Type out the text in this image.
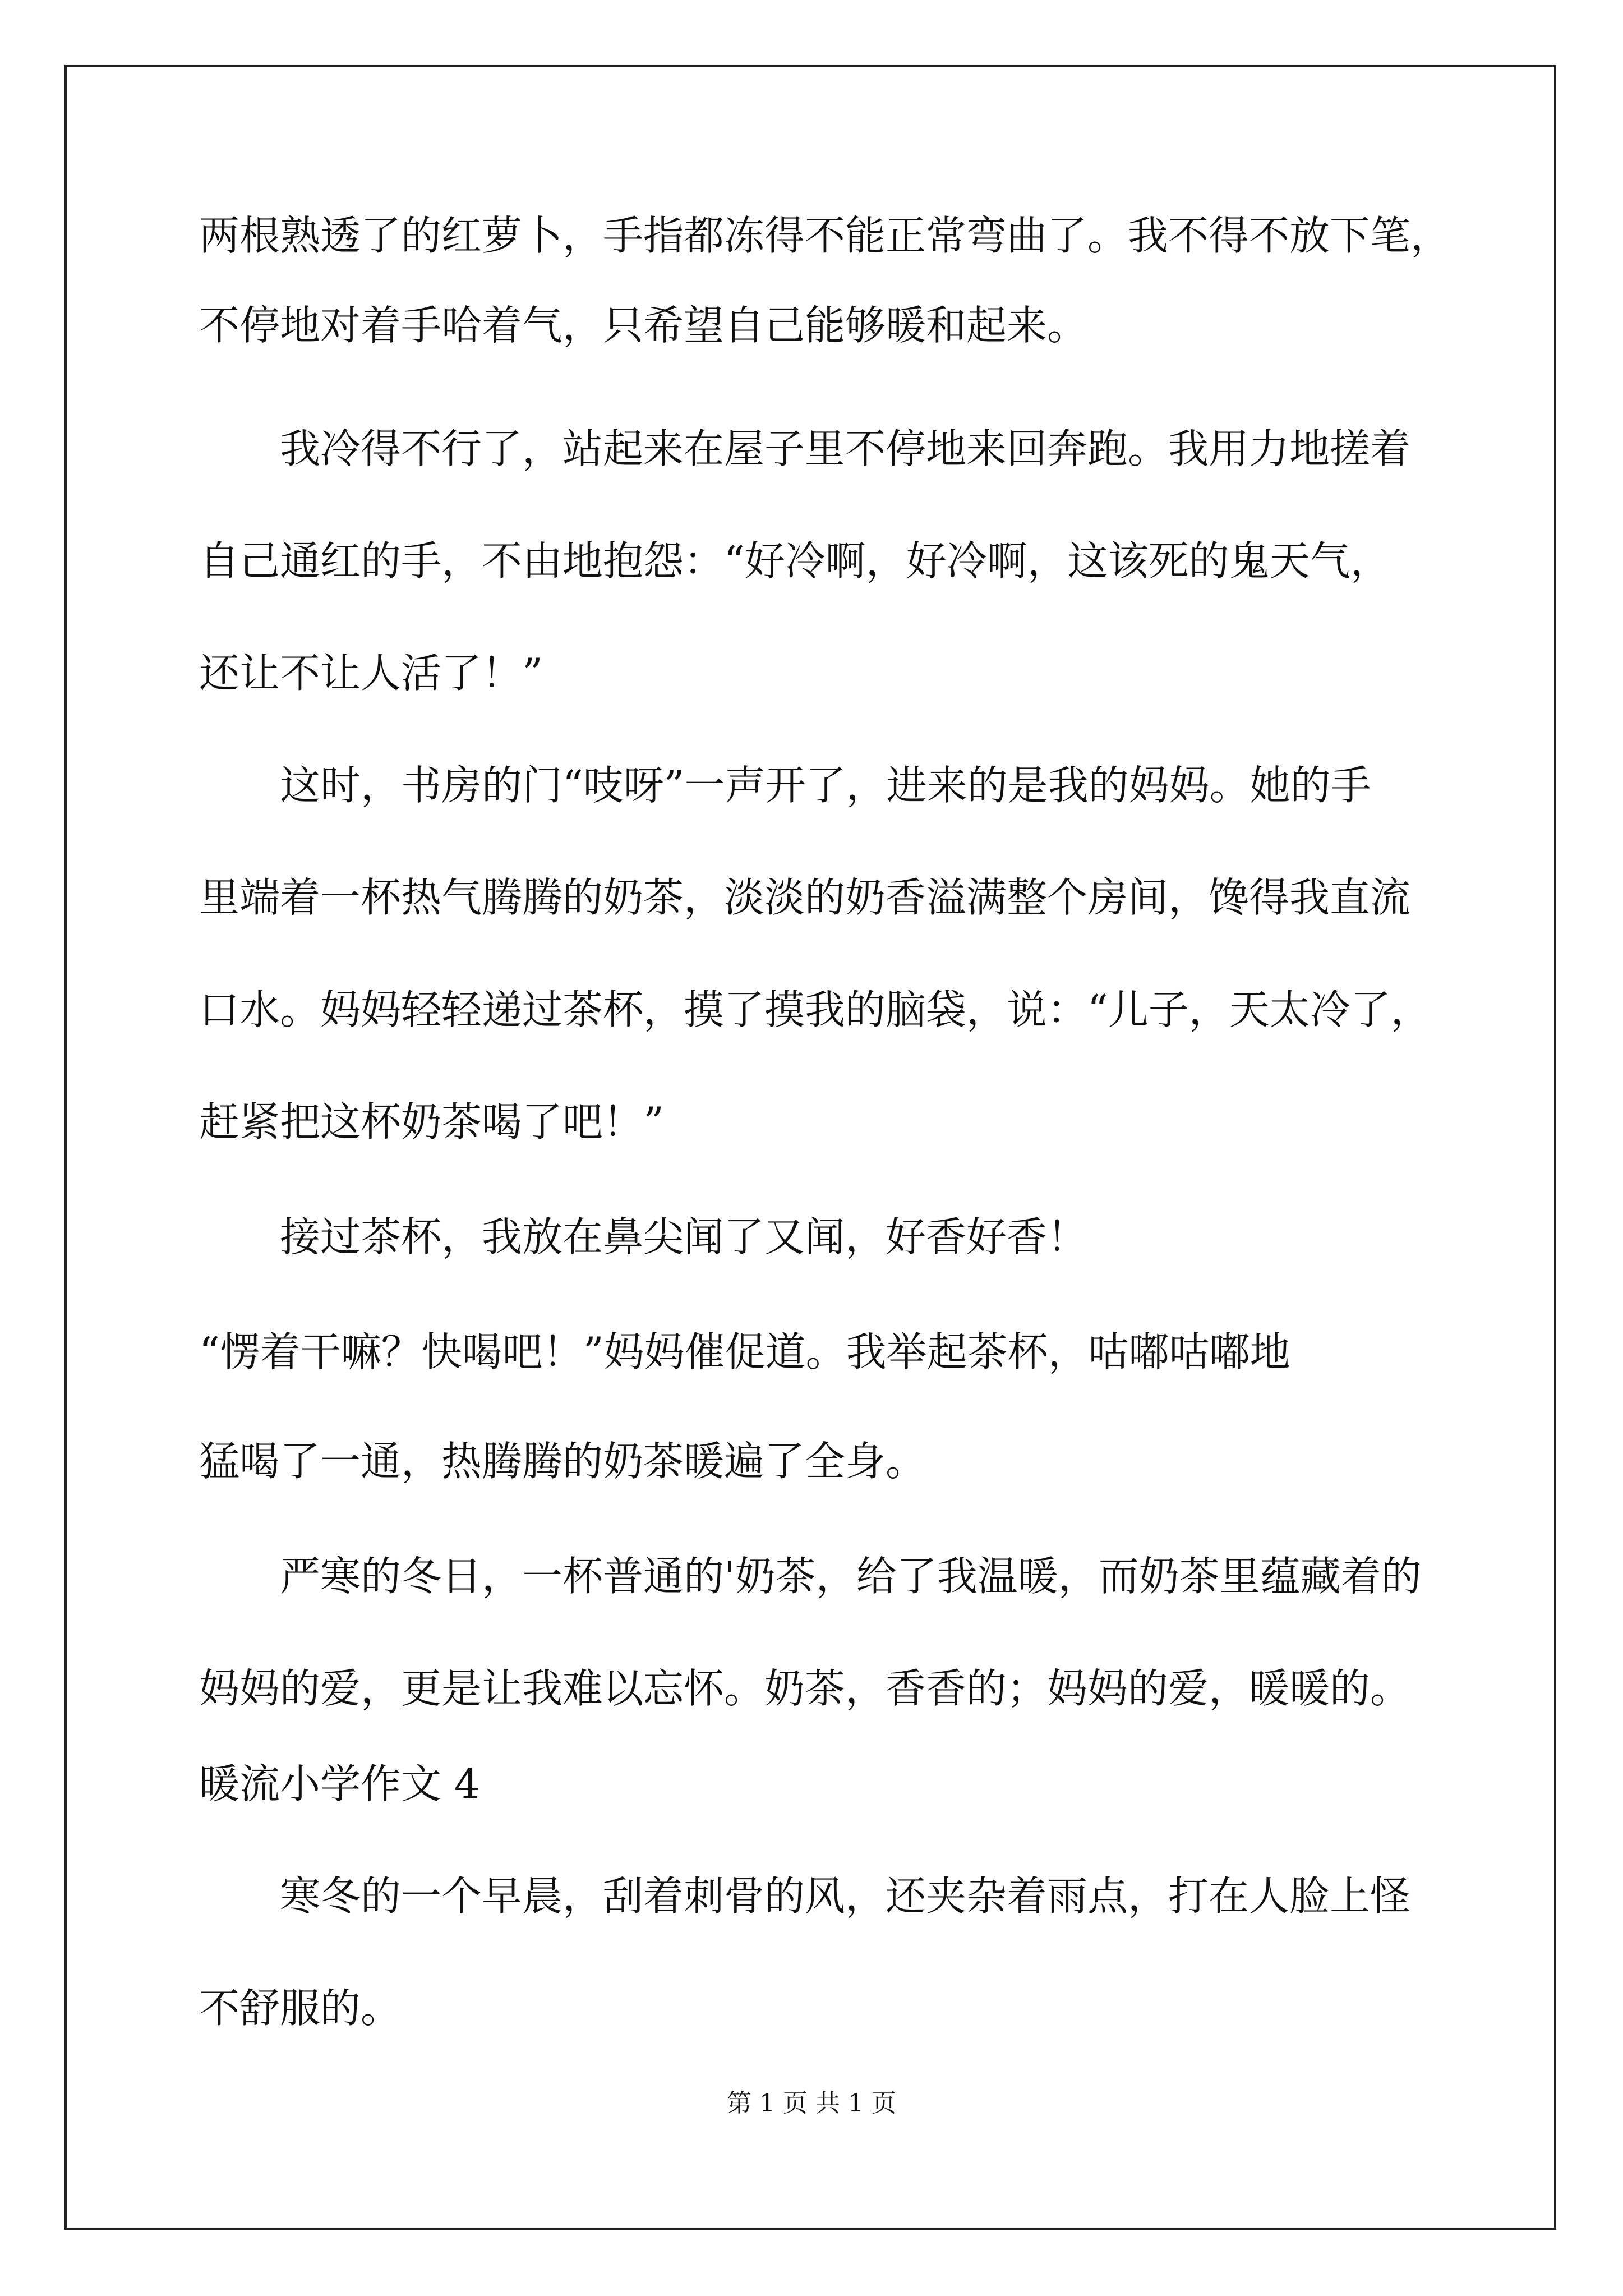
两根熟透了的红萝卜，手指都冻得不能正常弯曲了。我不得不放下笔，
不停地对着手哈着气，只希望自己能够暖和起来。
我冷得不行了，站起来在屋子里不停地来回奔跑。我用力地搓着
自己通红的手，不由地抱怨：“好冷啊，好冷啊，这该死的鬼天气，
还让不让人活了！”
这时，书房的门“吱呀”一声开了，进来的是我的妈妈。她的手
里端着一杯热气腾腾的奶茶，淡淡的奶香溢满整个房间，馋得我直流
口水。妈妈轻轻递过茶杯，摸了摸我的脑袋，说：“儿子，天太冷了，
赶紧把这杯奶茶喝了吧！”
接过茶杯，我放在鼻尖闻了又闻，好香好香！
“愣着干嘛？快喝吧！”妈妈催促道。我举起茶杯，咕嘟咕嘟地
猛喝了一通，热腾腾的奶茶暖遍了全身。
严寒的冬日，一杯普通的'奶茶，给了我温暖，而奶茶里蕴藏着的
妈妈的爱，更是让我难以忘怀。奶茶，香香的；妈妈的爱，暖暖的。
暖流小学作文 4
寒冬的一个早晨，刮着刺骨的风，还夹杂着雨点，打在人脸上怪
不舒服的。
第 1 页 共 1 页
